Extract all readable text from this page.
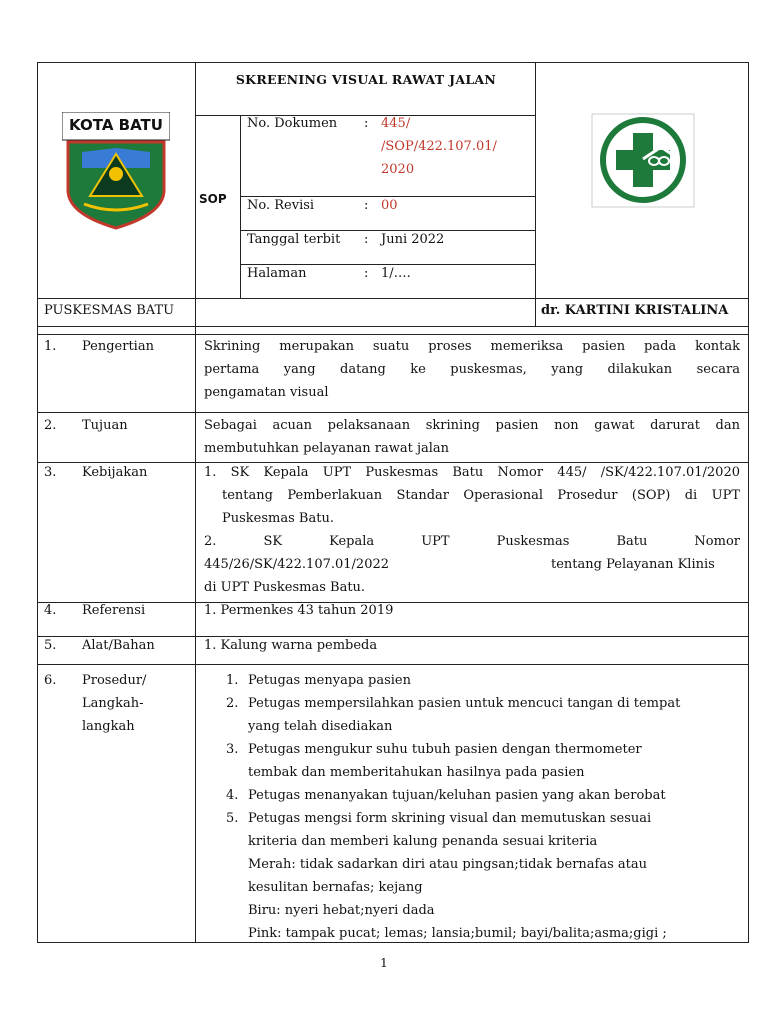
SKREENING VISUAL RAWAT JALAN
KOTA BATU
SOP
No. Dokumen : 445/
/SOP/422.107.01/
2020
No. Revisi	: 00
Tanggal terbit : Juni 2022
Halaman	: 1/….
PUSKESMAS BATU	dr. KARTINI KRISTALINA
1. Pengertian	Skrining merupakan suatu proses memeriksa pasien pada kontak
pertama yang datang ke puskesmas, yang dilakukan secara
pengamatan visual
2. Tujuan	Sebagai acuan pelaksanaan skrining pasien non gawat darurat dan
membutuhkan pelayanan rawat jalan
3. Kebijakan	1. SK Kepala UPT Puskesmas Batu Nomor 445/ /SK/422.107.01/2020
tentang Pemberlakuan Standar Operasional Prosedur (SOP) di UPT
Puskesmas Batu.
2. SK Kepala UPT Puskesmas Batu Nomor
445/26/SK/422.107.01/2022	tentang Pelayanan Klinis
di UPT Puskesmas Batu.
4. Referensi	1. Permenkes 43 tahun 2019
5. Alat/Bahan	1. Kalung warna pembeda
6. Prosedur/
Langkah-
langkah
1. Petugas menyapa pasien
2. Petugas mempersilahkan pasien untuk mencuci tangan di tempat
yang telah disediakan
3. Petugas mengukur suhu tubuh pasien dengan thermometer
tembak dan memberitahukan hasilnya pada pasien
4. Petugas menanyakan tujuan/keluhan pasien yang akan berobat
5. Petugas mengsi form skrining visual dan memutuskan sesuai
kriteria dan memberi kalung penanda sesuai kriteria
Merah: tidak sadarkan diri atau pingsan;tidak bernafas atau
kesulitan bernafas; kejang
Biru: nyeri hebat;nyeri dada
Pink: tampak pucat; lemas; lansia;bumil; bayi/balita;asma;gigi ;
1
